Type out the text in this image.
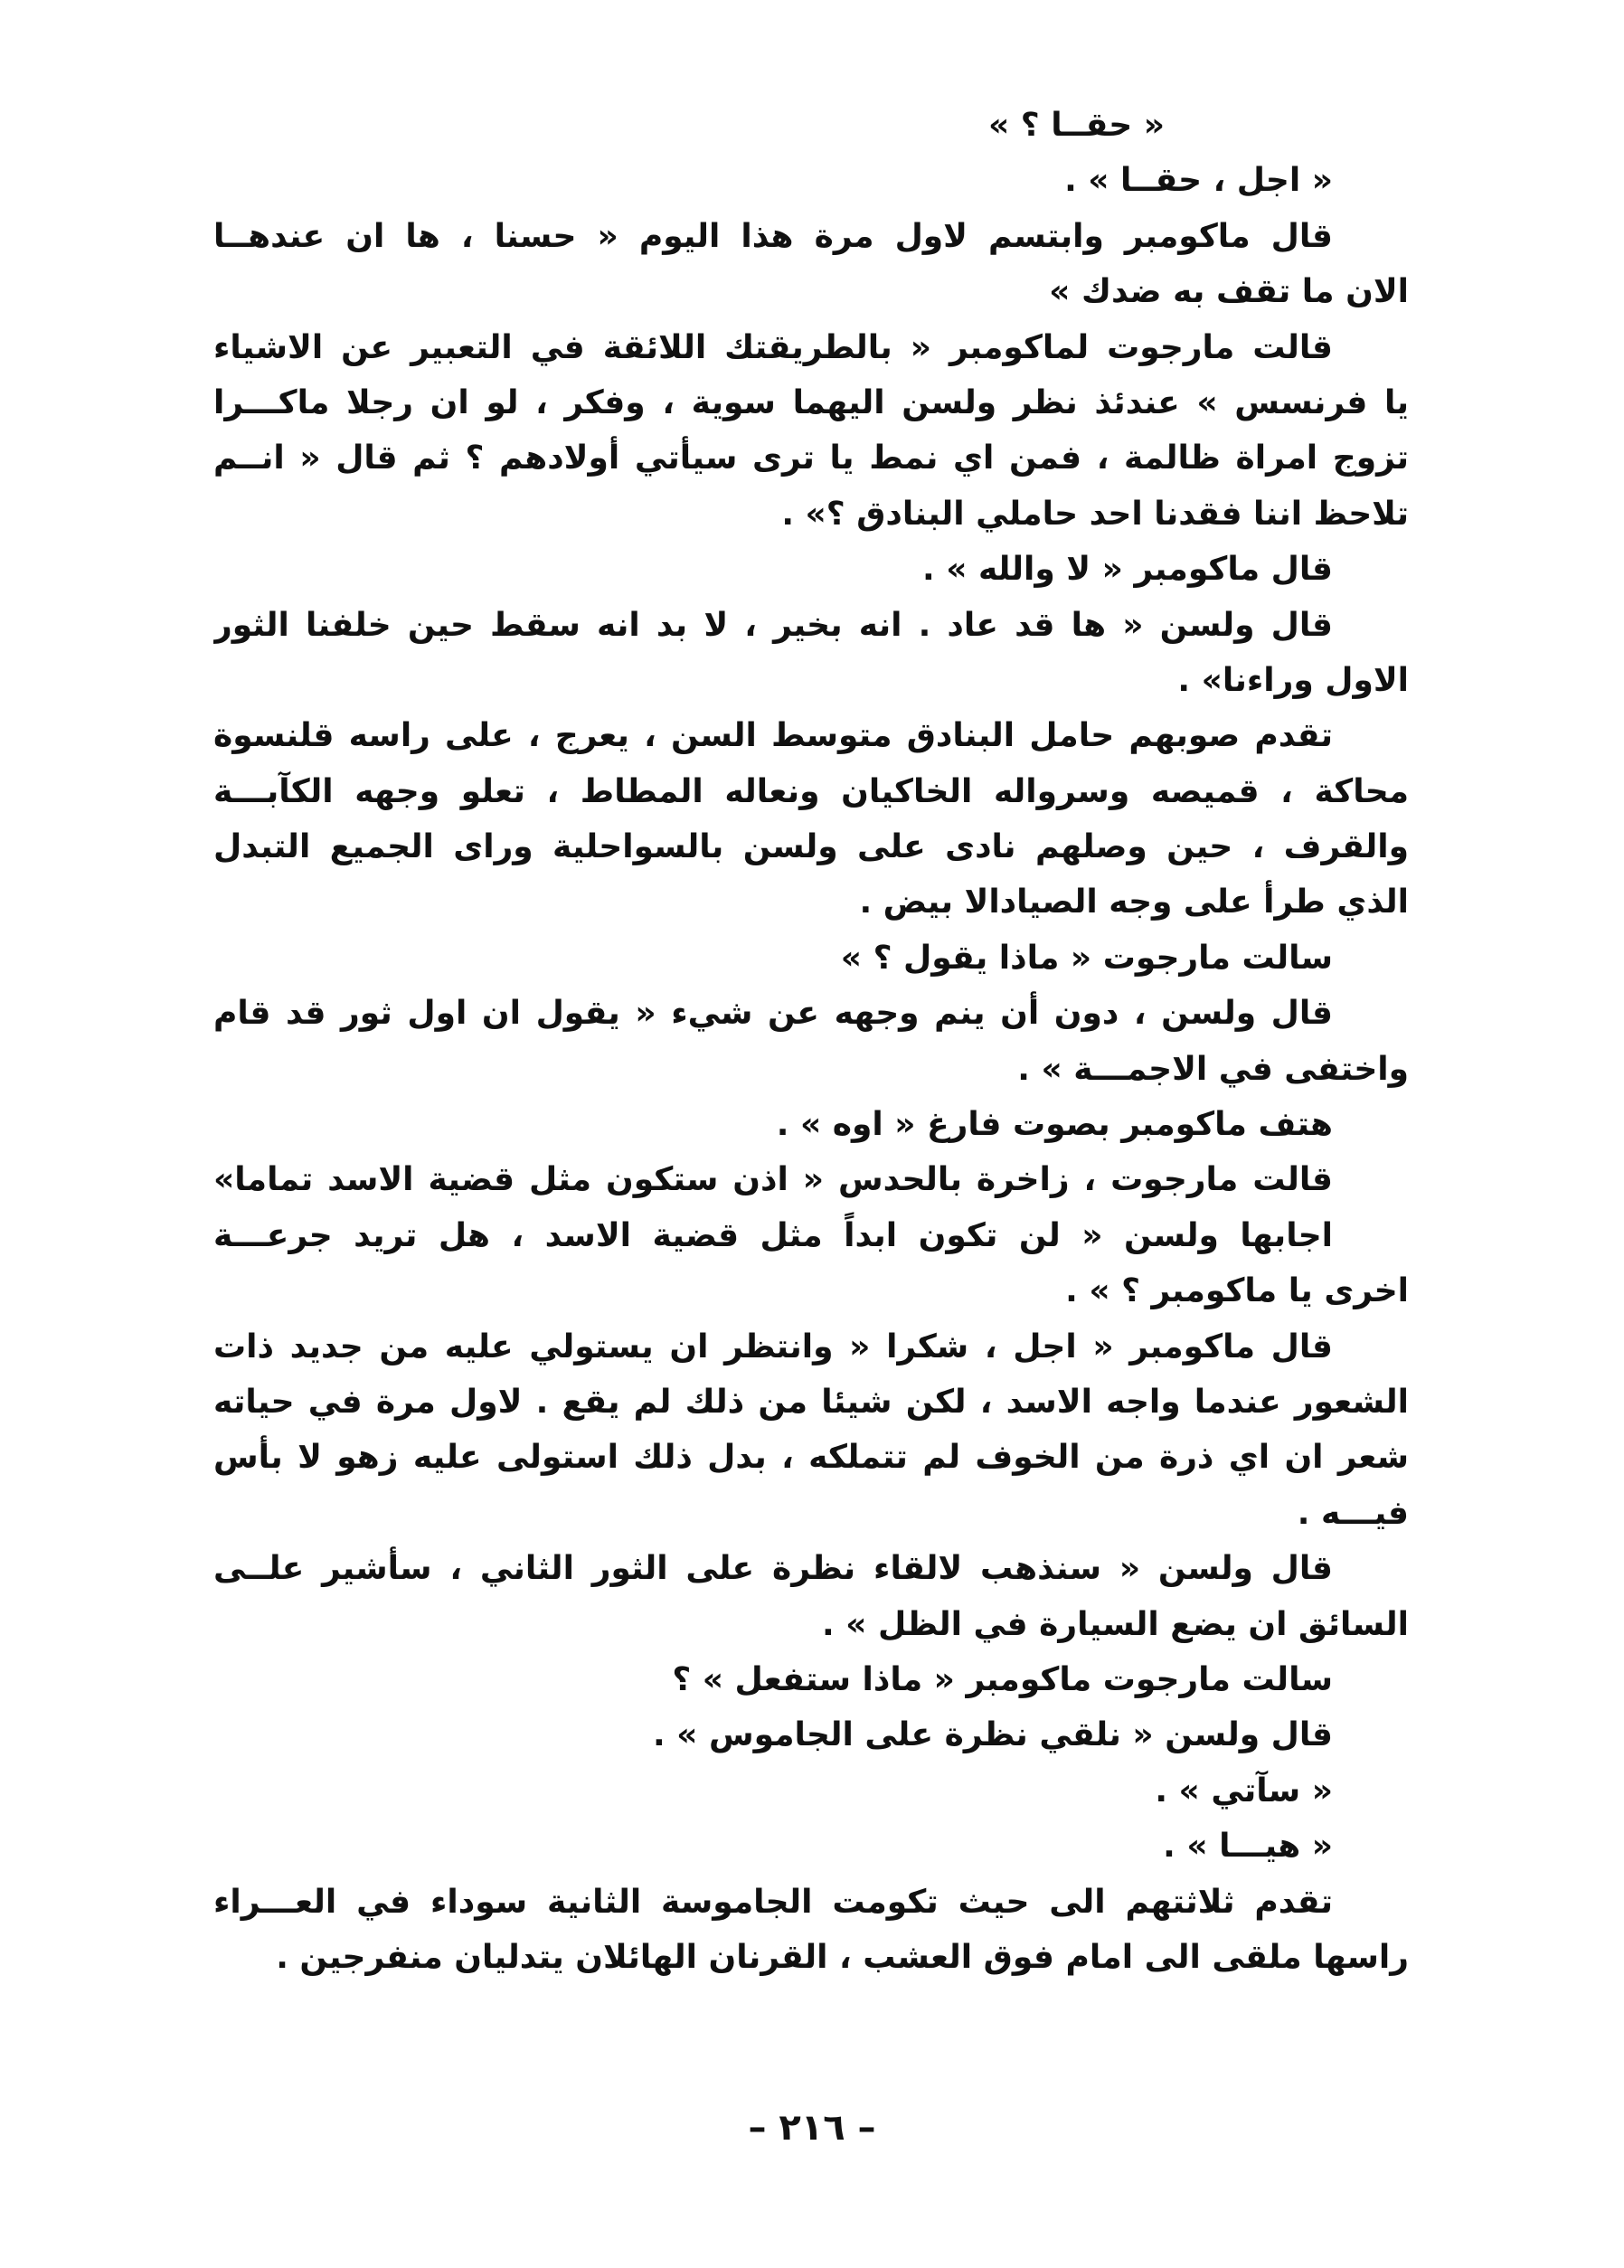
« حقــا ؟ »
« اجل ، حقــا » .
قال ماكومبر وابتسم لاول مرة هذا اليوم « حسنا ، ها ان عندهــا
الان ما تقف به ضدك »
قالت مارجوت لماكومبر « بالطريقتك اللائقة في التعبير عن الاشياء
يا فرنسس » عندئذ نظر ولسن اليهما سوية ، وفكر ، لو ان رجلا ماكـــرا
تزوج امراة ظالمة ، فمن اي نمط يا ترى سيأتي أولادهم ؟ ثم قال « انــم
تلاحظ اننا فقدنا احد حاملي البنادق ؟» .
قال ماكومبر « لا والله » .
قال ولسن « ها قد عاد . انه بخير ، لا بد انه سقط حين خلفنا الثور
الاول وراءنا» .
تقدم صوبهم حامل البنادق متوسط السن ، يعرج ، على راسه قلنسوة
محاكة ، قميصه وسرواله الخاكيان ونعاله المطاط ، تعلو وجهه الكآبـــة
والقرف ، حين وصلهم نادى على ولسن بالسواحلية وراى الجميع التبدل
الذي طرأ على وجه الصيادالا بيض .
سالت مارجوت « ماذا يقول ؟ »
قال ولسن ، دون أن ينم وجهه عن شيء « يقول ان اول ثور قد قام
واختفى في الاجمـــة » .
هتف ماكومبر بصوت فارغ « اوه » .
قالت مارجوت ، زاخرة بالحدس « اذن ستكون مثل قضية الاسد تماما»
اجابها ولسن « لن تكون ابداً مثل قضية الاسد ، هل تريد جرعـــة
اخرى يا ماكومبر ؟ » .
قال ماكومبر « اجل ، شكرا « وانتظر ان يستولي عليه من جديد ذات
الشعور عندما واجه الاسد ، لكن شيئا من ذلك لم يقع . لاول مرة في حياته
شعر ان اي ذرة من الخوف لم تتملكه ، بدل ذلك استولى عليه زهو لا بأس
فيـــه .
قال ولسن « سنذهب لالقاء نظرة على الثور الثاني ، سأشير علــى
السائق ان يضع السيارة في الظل » .
سالت مارجوت ماكومبر « ماذا ستفعل » ؟
قال ولسن « نلقي نظرة على الجاموس » .
« سآتي » .
« هيـــا » .
تقدم ثلاثتهم الى حيث تكومت الجاموسة الثانية سوداء في العـــراء
راسها ملقى الى امام فوق العشب ، القرنان الهائلان يتدليان منفرجين .
– ٢١٦ –
